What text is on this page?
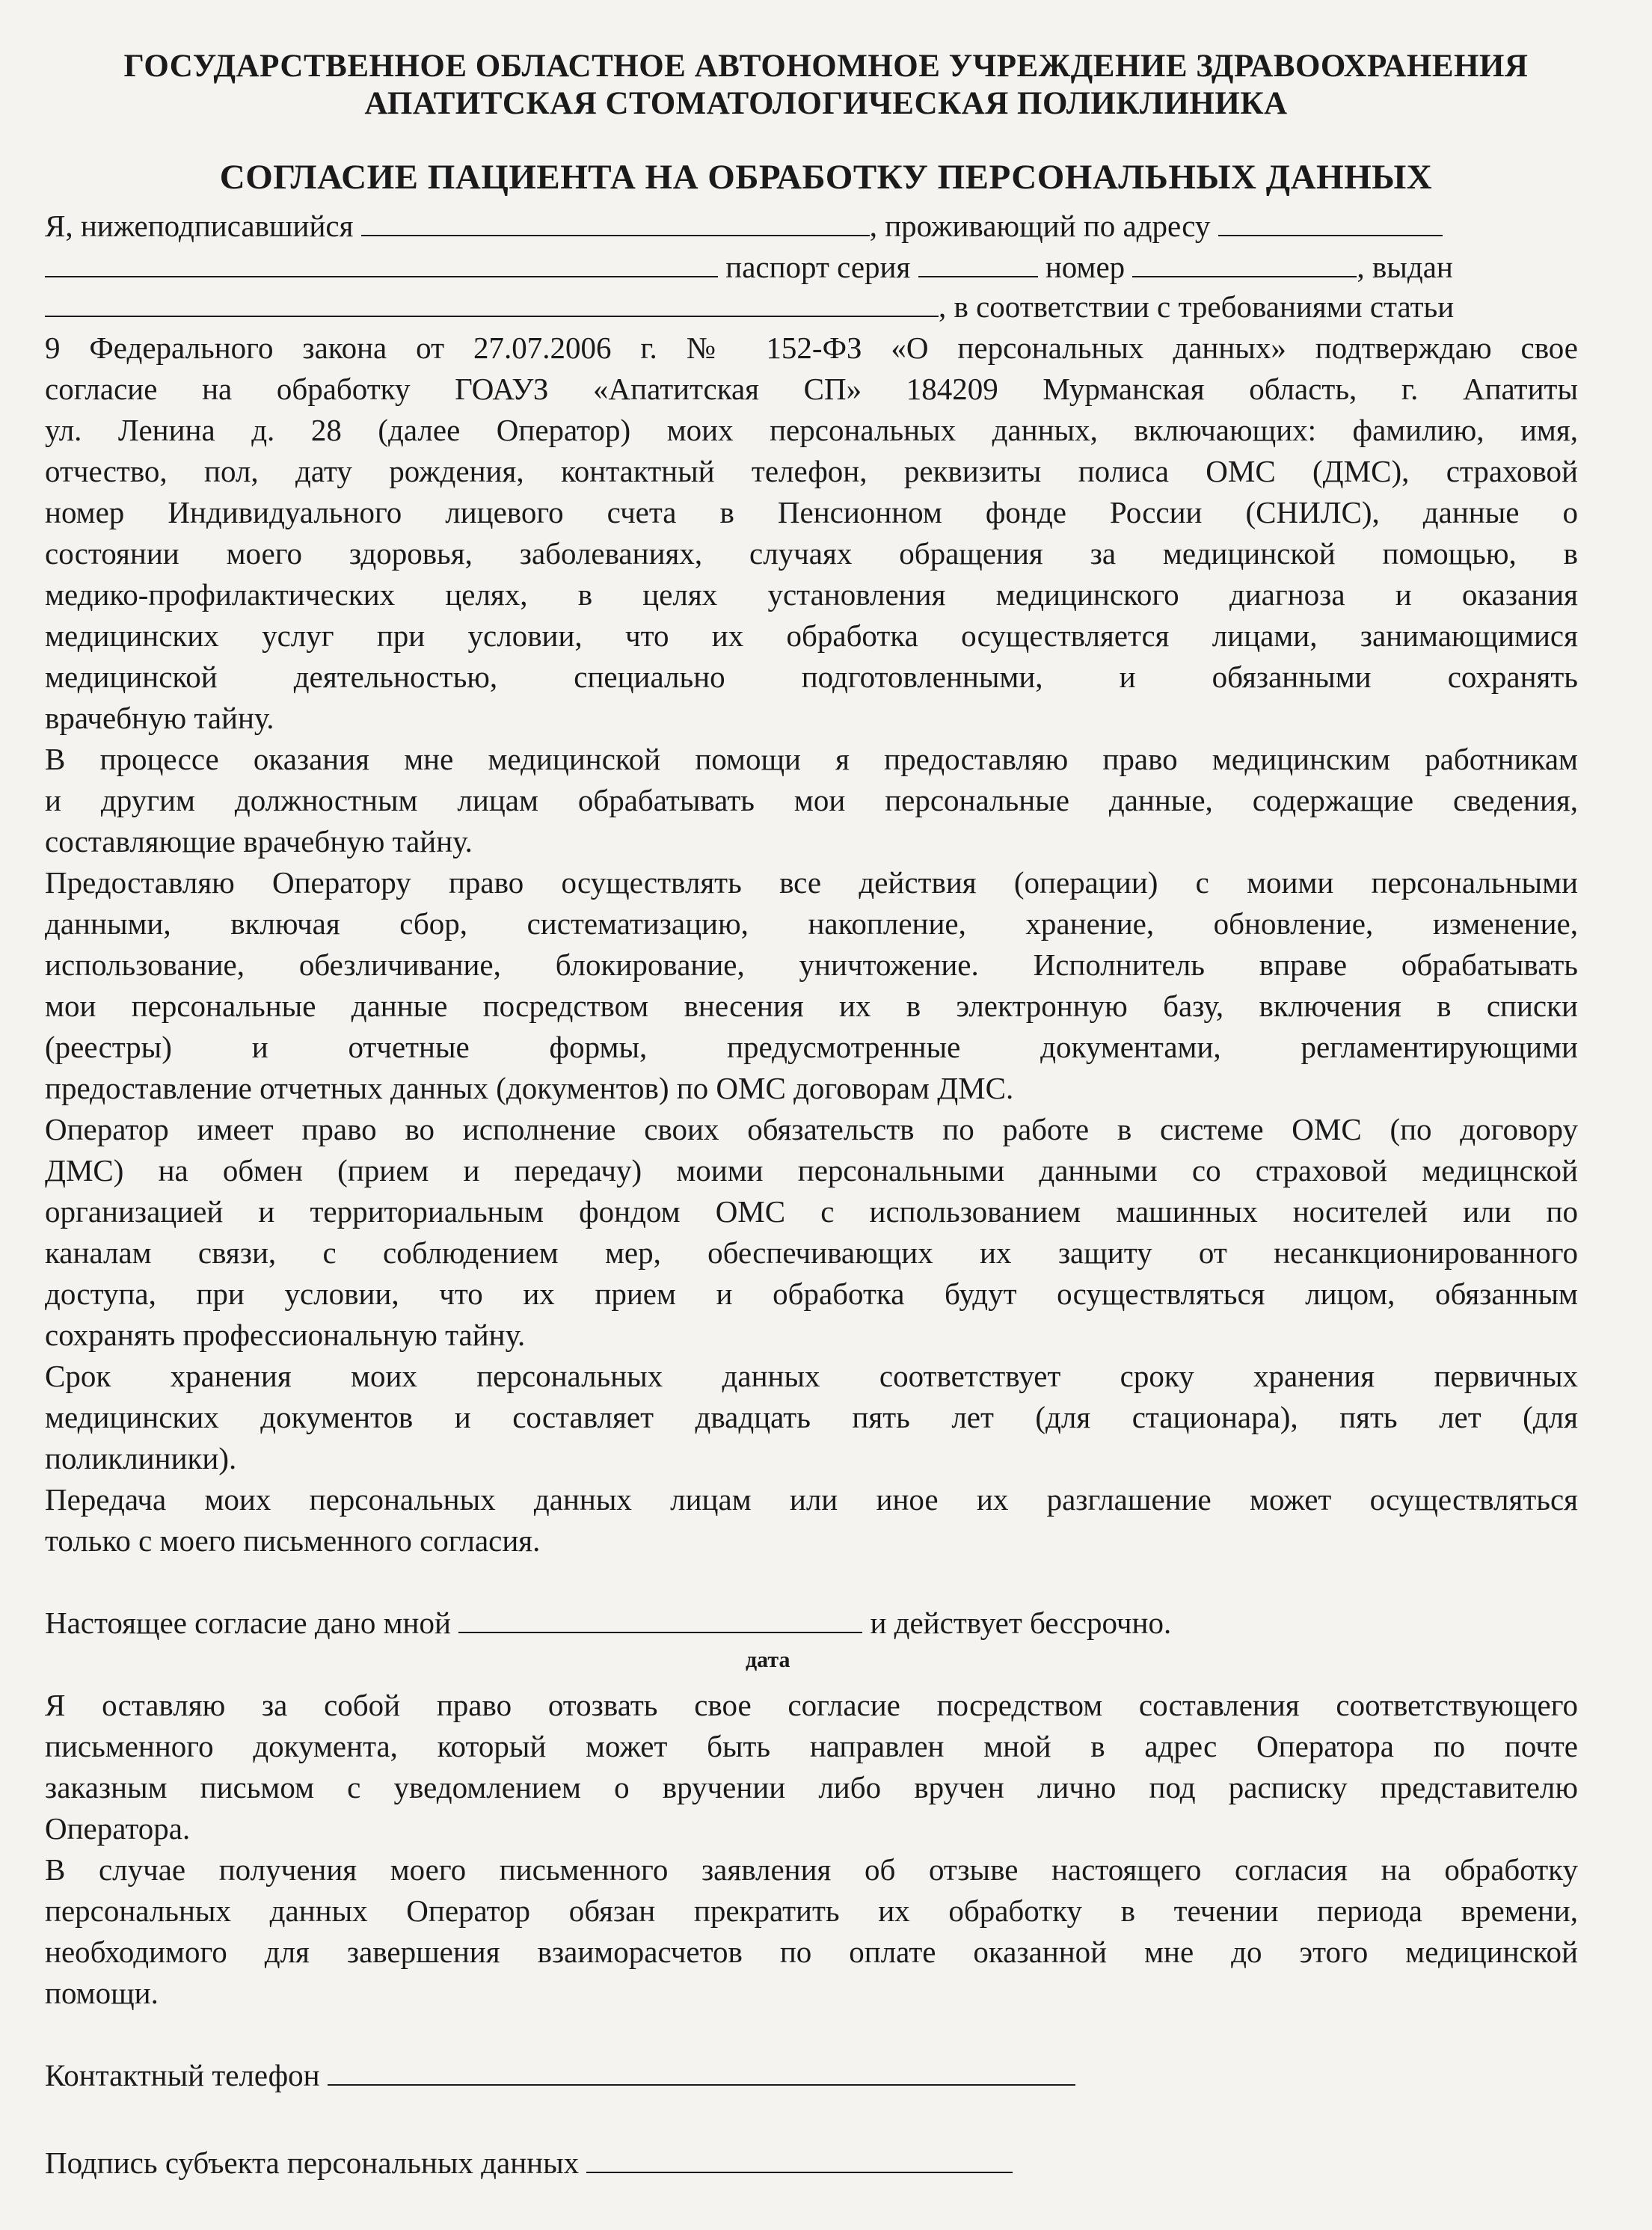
ГОСУДАРСТВЕННОЕ ОБЛАСТНОЕ АВТОНОМНОЕ УЧРЕЖДЕНИЕ ЗДРАВООХРАНЕНИЯ
АПАТИТСКАЯ СТОМАТОЛОГИЧЕСКАЯ ПОЛИКЛИНИКА
СОГЛАСИЕ ПАЦИЕНТА НА ОБРАБОТКУ ПЕРСОНАЛЬНЫХ ДАННЫХ
Я, нижеподписавшийся	, проживающий по адресу
паспорт серия	номер	, выдан
, в соответствии с требованиями статьи
9 Федерального закона от 27.07.2006 г. № 152-ФЗ «О персональных данных» подтверждаю свое
согласие на обработку ГОАУЗ «Апатитская СП» 184209 Мурманская область, г. Апатиты
ул. Ленина д. 28 (далее Оператор) моих персональных данных, включающих: фамилию, имя,
отчество, пол, дату рождения, контактный телефон, реквизиты полиса ОМС (ДМС), страховой
номер Индивидуального лицевого счета в Пенсионном фонде России (СНИЛС), данные о
состоянии моего здоровья, заболеваниях, случаях обращения за медицинской помощью, в
медико-профилактических целях, в целях установления медицинского диагноза и оказания
медицинских услуг при условии, что их обработка осуществляется лицами, занимающимися
медицинской деятельностью, специально подготовленными, и обязанными сохранять
врачебную тайну.
В процессе оказания мне медицинской помощи я предоставляю право медицинским работникам
и другим должностным лицам обрабатывать мои персональные данные, содержащие сведения,
составляющие врачебную тайну.
Предоставляю Оператору право осуществлять все действия (операции) с моими персональными
данными, включая сбор, систематизацию, накопление, хранение, обновление, изменение,
использование, обезличивание, блокирование, уничтожение. Исполнитель вправе обрабатывать
мои персональные данные посредством внесения их в электронную базу, включения в списки
(реестры) и отчетные формы, предусмотренные документами, регламентирующими
предоставление отчетных данных (документов) по ОМС договорам ДМС.
Оператор имеет право во исполнение своих обязательств по работе в системе ОМС (по договору
ДМС) на обмен (прием и передачу) моими персональными данными со страховой медицнской
организацией и территориальным фондом ОМС с использованием машинных носителей или по
каналам связи, с соблюдением мер, обеспечивающих их защиту от несанкционированного
доступа, при условии, что их прием и обработка будут осуществляться лицом, обязанным
сохранять профессиональную тайну.
Срок хранения моих персональных данных соответствует сроку хранения первичных
медицинских документов и составляет двадцать пять лет (для стационара), пять лет (для
поликлиники).
Передача моих персональных данных лицам или иное их разглашение может осуществляться
только с моего письменного согласия.
Настоящее согласие дано мной	и действует бессрочно.
дата
Я оставляю за собой право отозвать свое согласие посредством составления соответствующего
письменного документа, который может быть направлен мной в адрес Оператора по почте
заказным письмом с уведомлением о вручении либо вручен лично под расписку представителю
Оператора.
В случае получения моего письменного заявления об отзыве настоящего согласия на обработку
персональных данных Оператор обязан прекратить их обработку в течении периода времени,
необходимого для завершения взаиморасчетов по оплате оказанной мне до этого медицинской
помощи.
Контактный телефон
Подпись субъекта персональных данных
